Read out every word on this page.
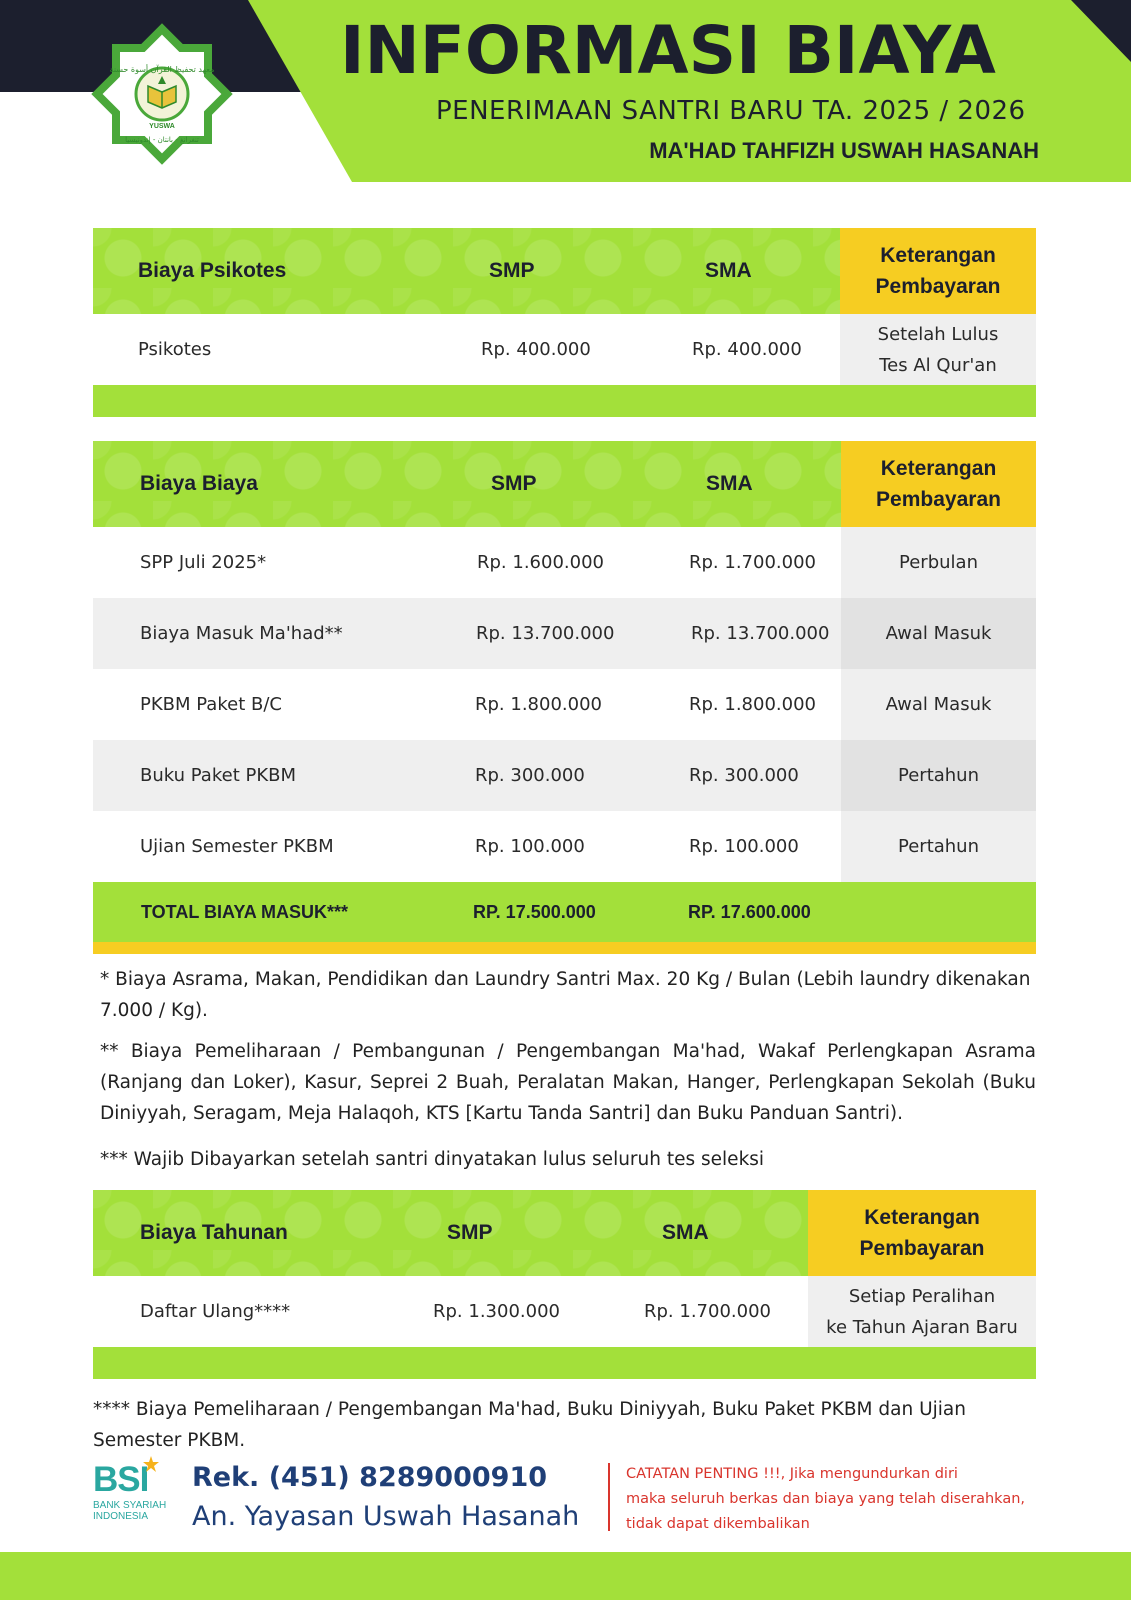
معهد تحفيظ القرآن أسوة حسنة
YUSWA
تنغرانغ - بانتان - إندونيسيا
INFORMASI BIAYA
PENERIMAAN SANTRI BARU TA. 2025 / 2026
MA'HAD TAHFIZH USWAH HASANAH
Biaya Psikotes	SMP	SMA
Keterangan
Pembayaran
Psikotes	Rp. 400.000	Rp. 400.000
Setelah Lulus
Tes Al Qur'an
Biaya Biaya	SMP	SMA
Keterangan
Pembayaran
SPP Juli 2025*	Rp. 1.600.000	Rp. 1.700.000	Perbulan
Biaya Masuk Ma'had**	Rp. 13.700.000	Rp. 13.700.000	Awal Masuk
PKBM Paket B/C	Rp. 1.800.000	Rp. 1.800.000	Awal Masuk
Buku Paket PKBM	Rp. 300.000	Rp. 300.000	Pertahun
Ujian Semester PKBM	Rp. 100.000	Rp. 100.000	Pertahun
TOTAL BIAYA MASUK***	RP. 17.500.000	RP. 17.600.000
* Biaya Asrama, Makan, Pendidikan dan Laundry Santri Max. 20 Kg / Bulan (Lebih laundry dikenakan 7.000 / Kg).
** Biaya Pemeliharaan / Pembangunan / Pengembangan Ma'had, Wakaf Perlengkapan Asrama (Ranjang dan Loker), Kasur, Seprei 2 Buah, Peralatan Makan, Hanger, Perlengkapan Sekolah (Buku Diniyyah, Seragam, Meja Halaqoh, KTS [Kartu Tanda Santri] dan Buku Panduan Santri).
*** Wajib Dibayarkan setelah santri dinyatakan lulus seluruh tes seleksi
Biaya Tahunan	SMP	SMA
Keterangan
Pembayaran
Daftar Ulang****	Rp. 1.300.000	Rp. 1.700.000
Setiap Peralihan
ke Tahun Ajaran Baru
**** Biaya Pemeliharaan / Pengembangan Ma'had, Buku Diniyyah, Buku Paket PKBM dan Ujian Semester PKBM.
BSI
BANK SYARIAH
INDONESIA
Rek. (451) 8289000910
An. Yayasan Uswah Hasanah
CATATAN PENTING !!!, Jika mengundurkan diri
maka seluruh berkas dan biaya yang telah diserahkan,
tidak dapat dikembalikan
